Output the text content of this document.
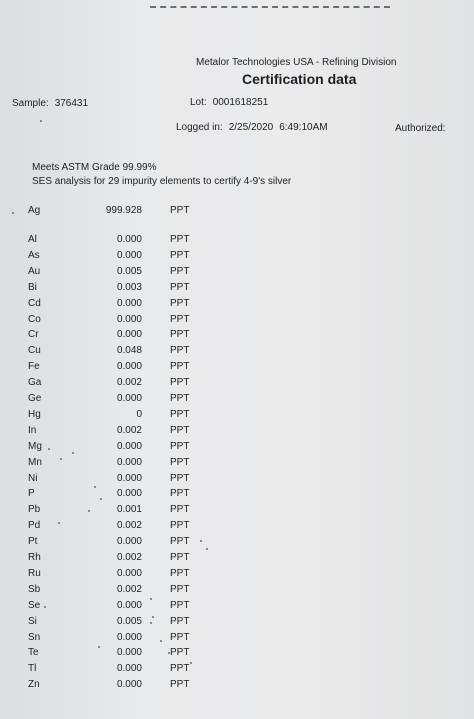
Metalor Technologies USA - Refining Division
Certification data
Sample: 376431	Lot: 0001618251
Logged in: 2/25/2020 6:49:10AM	Authorized:
Meets ASTM Grade 99.99%
SES analysis for 29 impurity elements to certify 4-9's silver
Ag	999.928	PPT
Al	0.000	PPT
As	0.000	PPT
Au	0.005	PPT
Bi	0.003	PPT
Cd	0.000	PPT
Co	0.000	PPT
Cr	0.000	PPT
Cu	0.048	PPT
Fe	0.000	PPT
Ga	0.002	PPT
Ge	0.000	PPT
Hg	0	PPT
In	0.002	PPT
Mg	0.000	PPT
Mn	0.000	PPT
Ni	0.000	PPT
P	0.000	PPT
Pb	0.001	PPT
Pd	0.002	PPT
Pt	0.000	PPT
Rh	0.002	PPT
Ru	0.000	PPT
Sb	0.002	PPT
Se	0.000	PPT
Si	0.005	PPT
Sn	0.000	PPT
Te	0.000	PPT
Tl	0.000	PPT
Zn	0.000	PPT
